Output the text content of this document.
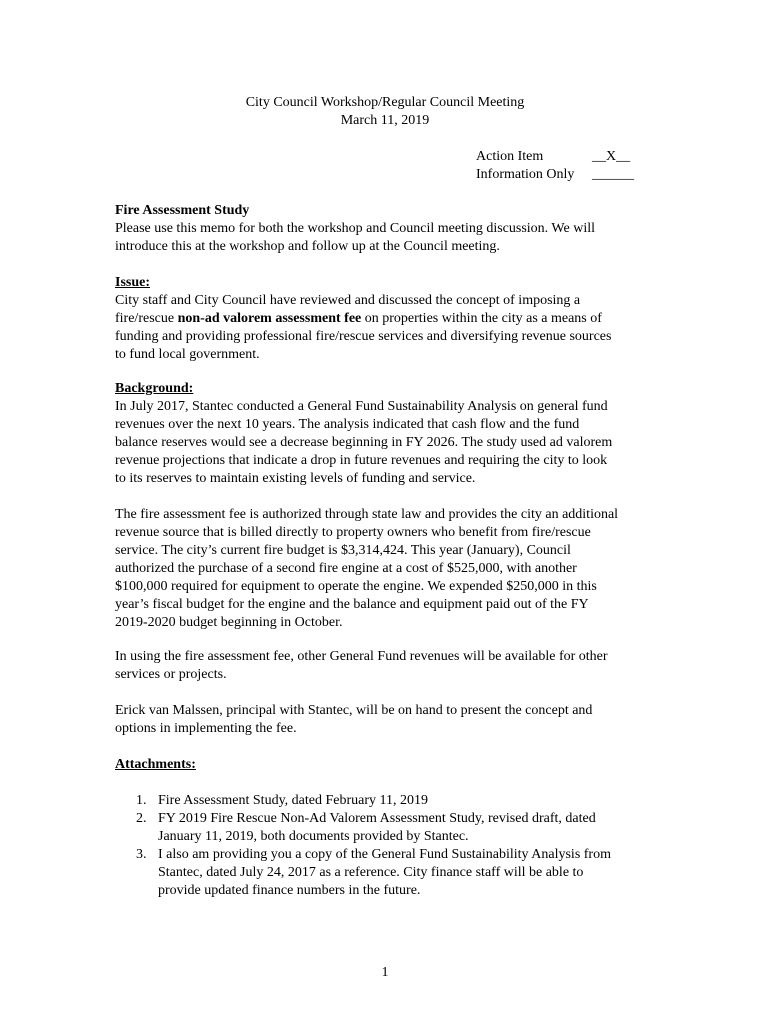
City Council Workshop/Regular Council Meeting
March 11, 2019
Action Item	__X__
Information Only ______
Fire Assessment Study
Please use this memo for both the workshop and Council meeting discussion. We will
introduce this at the workshop and follow up at the Council meeting.
Issue:
City staff and City Council have reviewed and discussed the concept of imposing a
fire/rescue non-ad valorem assessment fee on properties within the city as a means of
funding and providing professional fire/rescue services and diversifying revenue sources
to fund local government.
Background:
In July 2017, Stantec conducted a General Fund Sustainability Analysis on general fund
revenues over the next 10 years. The analysis indicated that cash flow and the fund
balance reserves would see a decrease beginning in FY 2026. The study used ad valorem
revenue projections that indicate a drop in future revenues and requiring the city to look
to its reserves to maintain existing levels of funding and service.
The fire assessment fee is authorized through state law and provides the city an additional
revenue source that is billed directly to property owners who benefit from fire/rescue
service. The city’s current fire budget is $3,314,424. This year (January), Council
authorized the purchase of a second fire engine at a cost of $525,000, with another
$100,000 required for equipment to operate the engine. We expended $250,000 in this
year’s fiscal budget for the engine and the balance and equipment paid out of the FY
2019-2020 budget beginning in October.
In using the fire assessment fee, other General Fund revenues will be available for other
services or projects.
Erick van Malssen, principal with Stantec, will be on hand to present the concept and
options in implementing the fee.
Attachments:
1. Fire Assessment Study, dated February 11, 2019
2. FY 2019 Fire Rescue Non-Ad Valorem Assessment Study, revised draft, dated
January 11, 2019, both documents provided by Stantec.
3. I also am providing you a copy of the General Fund Sustainability Analysis from
Stantec, dated July 24, 2017 as a reference. City finance staff will be able to
provide updated finance numbers in the future.
1
